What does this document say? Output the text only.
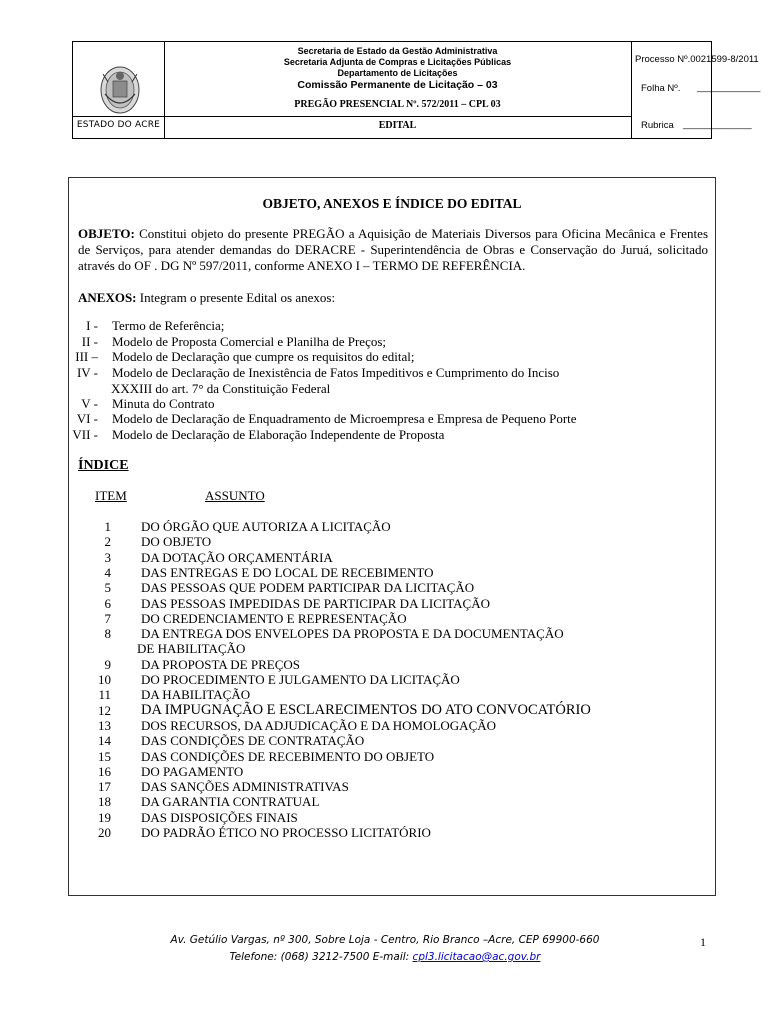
ESTADO DO ACRE
Secretaria de Estado da Gestão Administrativa
Secretaria Adjunta de Compras e Licitações Públicas
Departamento de Licitações
Comissão Permanente de Licitação – 03
PREGÃO PRESENCIAL Nº. 572/2011 – CPL 03
EDITAL
Processo Nº.0021599-8/2011
Folha Nº. ____________
Rubrica _____________
OBJETO, ANEXOS E ÍNDICE DO EDITAL
OBJETO: Constitui objeto do presente PREGÃO a Aquisição de Materiais Diversos para Oficina Mecânica e Frentes de Serviços, para atender demandas do DERACRE - Superintendência de Obras e Conservação do Juruá, solicitado através do OF . DG Nº 597/2011, conforme ANEXO I – TERMO DE REFERÊNCIA.
ANEXOS: Integram o presente Edital os anexos:
I - Termo de Referência;
II - Modelo de Proposta Comercial e Planilha de Preços;
III – Modelo de Declaração que cumpre os requisitos do edital;
IV - Modelo de Declaração de Inexistência de Fatos Impeditivos e Cumprimento do Inciso
XXXIII do art. 7° da Constituição Federal
V - Minuta do Contrato
VI - Modelo de Declaração de Enquadramento de Microempresa e Empresa de Pequeno Porte
VII - Modelo de Declaração de Elaboração Independente de Proposta
ÍNDICE
ITEM	ASSUNTO
1 DO ÓRGÃO QUE AUTORIZA A LICITAÇÃO
2 DO OBJETO
3 DA DOTAÇÃO ORÇAMENTÁRIA
4 DAS ENTREGAS E DO LOCAL DE RECEBIMENTO
5 DAS PESSOAS QUE PODEM PARTICIPAR DA LICITAÇÃO
6 DAS PESSOAS IMPEDIDAS DE PARTICIPAR DA LICITAÇÃO
7 DO CREDENCIAMENTO E REPRESENTAÇÃO
8 DA ENTREGA DOS ENVELOPES DA PROPOSTA E DA DOCUMENTAÇÃO
DE HABILITAÇÃO
9 DA PROPOSTA DE PREÇOS
10 DO PROCEDIMENTO E JULGAMENTO DA LICITAÇÃO
11 DA HABILITAÇÃO
12 DA IMPUGNAÇÃO E ESCLARECIMENTOS DO ATO CONVOCATÓRIO
13 DOS RECURSOS, DA ADJUDICAÇÃO E DA HOMOLOGAÇÃO
14 DAS CONDIÇÕES DE CONTRATAÇÃO
15 DAS CONDIÇÕES DE RECEBIMENTO DO OBJETO
16 DO PAGAMENTO
17 DAS SANÇÕES ADMINISTRATIVAS
18 DA GARANTIA CONTRATUAL
19 DAS DISPOSIÇÕES FINAIS
20 DO PADRÃO ÉTICO NO PROCESSO LICITATÓRIO
Av. Getúlio Vargas, nº 300, Sobre Loja - Centro, Rio Branco –Acre, CEP 69900-660
Telefone: (068) 3212-7500 E-mail: cpl3.licitacao@ac.gov.br
1
